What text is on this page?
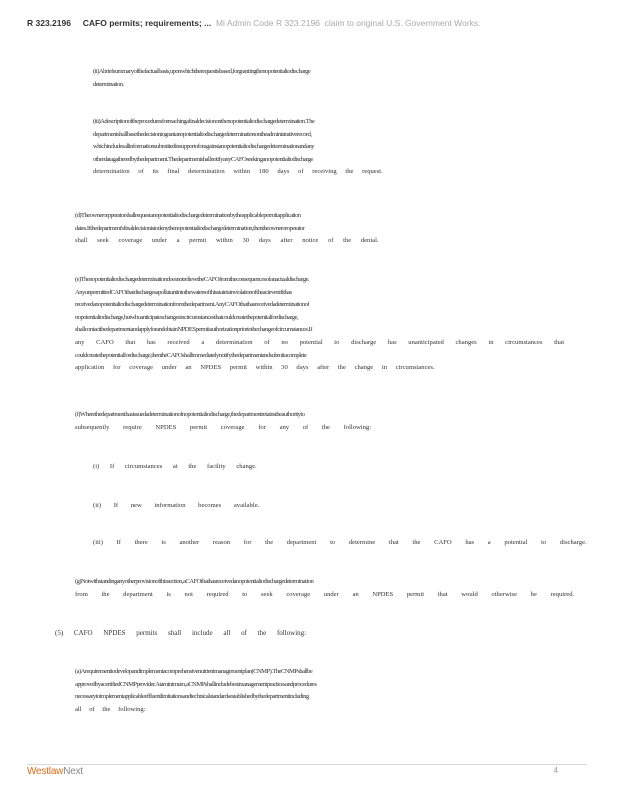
R 323.2196 CAFO permits; requirements; ... Mi Admin Code R 323.2196 claim to original U.S. Government Works.
(ii)Abriefsummaryofthefactualbasis,uponwhichtherequestisbased,forgrantingthenopotentialtodischarge
determination.
(iii)Adescriptionoftheproceduresforreachingafinaldecisiononthenopotentialtodischargedetermination.The
departmentshallbasethedecisiontograntanopotentialtodischargedeterminationontheadministrativerecord,
whichincludesallinformationsubmittedinsupportoforagainstanopotentialtodischargedeterminationandany
otherdatagatheredbythedepartment.ThedepartmentshallnotifyanyCAFOseekinganopotentialtodischarge
determination of its final determination within 180 days of receiving the request.
(d)Theownerorpperatorshallrequestanopotentialtodischargedeterminationbytheapplicablepermitapplication
dates.Ifthedepartment'sfinaldecisionistodenythenopotentialtodischargedetermination,thentheowneroroperator
shall seek coverage under a permit within 30 days after notice of the denial.
(e)ThenopotentialtodischargedeterminationdoesnotrelievetheCAFOfromtheconsequencesofanactualdischarge.
AnyunpermittedCAFOthatdischargesapollutantintothewatersofthisstateisinviolationoftheactevenifithas
receivedanopotentialtodischargedeterminationfromthedepartment.AnyCAFOthathasreceivedadeterminationof
nopotentialtodischarge,butwhoanticipateschangesincircumstancesthatcouldcreatethepotentialfordischarge,
shallcontactthedepartmentandapplyforandobtainNPDESpermitauthorizationpriortothechangeofcircumstances.If
any CAFO that has received a determination of no potential to discharge has unanticipated changes in circumstances that
couldcreatethepotentialfordischarge,thentheCAFOshallimmediatelynotifythedepartmentandsubmitacomplete
application for coverage under an NPDES permit within 30 days after the change in circumstances.
(f)Wherethedepartmenthasissuedadeterminationofnopotentialtodischarge,thedepartmentretainstheauthorityto
subsequently require NPDES permit coverage for any of the following:
(i) If circumstances at the facility change.
(ii) If new information becomes available.
(iii) If there is another reason for the department to determine that the CAFO has a potential to discharge.
(g)Notwithstandinganyotherprovisionofthissection,aCAFOthathasreceivedanopotentialtodischargedetermination
from the department is not required to seek coverage under an NPDES permit that would otherwise be required.
(5) CAFO NPDES permits shall include all of the following:
(a)Arequirementtodevelopandimplementacomprehensivenutrientmanagementplan(CNMP).TheCNMPshallbe
approvedbyacertifiedCNMPprovider.Ataminimum,aCNMPshallincludebestmanagementpracticesandprocedures
necessarytoimplementapplicableeffluentlimitationsandtechnicalstandardsestablishedbythedepartmentincluding
all of the following:
WestlawNext	4
